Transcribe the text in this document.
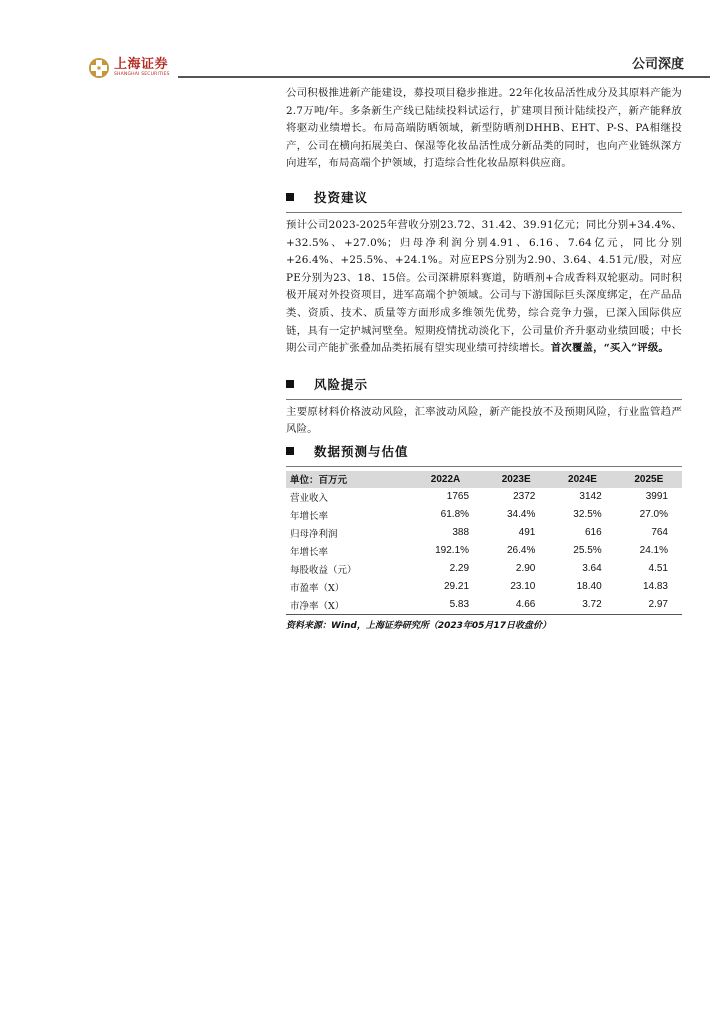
上海证券
SHANGHAI SECURITIES
公司深度

公司积极推进新产能建设，募投项目稳步推进。22年化妆品活性成分及其原料产能为2.7万吨/年。多条新生产线已陆续投料试运行，扩建项目预计陆续投产，新产能释放将驱动业绩增长。布局高端防晒领域，新型防晒剂DHHB、EHT、P-S、PA相继投产，公司在横向拓展美白、保湿等化妆品活性成分新品类的同时，也向产业链纵深方向进军，布局高端个护领域，打造综合性化妆品原料供应商。

投资建议

预计公司2023-2025年营收分别23.72、31.42、39.91亿元；同比分别+34.4%、+32.5%、+27.0%；归母净利润分别4.91、6.16、7.64亿元，同比分别+26.4%、+25.5%、+24.1%。对应EPS分别为2.90、3.64、4.51元/股，对应PE分别为23、18、15倍。公司深耕原料赛道，防晒剂+合成香料双轮驱动。同时积极开展对外投资项目，进军高端个护领域。公司与下游国际巨头深度绑定，在产品品类、资质、技术、质量等方面形成多维领先优势，综合竞争力强，已深入国际供应链，具有一定护城河壁垒。短期疫情扰动淡化下，公司量价齐升驱动业绩回暖；中长期公司产能扩张叠加品类拓展有望实现业绩可持续增长。首次覆盖，“买入”评级。

风险提示

主要原材料价格波动风险，汇率波动风险，新产能投放不及预期风险，行业监管趋严风险。

数据预测与估值
单位：百万元	2022A	2023E	2024E	2025E
营业收入	1765	2372	3142	3991
年增长率	61.8%	34.4%	32.5%	27.0%
归母净利润	388	491	616	764
年增长率	192.1%	26.4%	25.5%	24.1%
每股收益（元）	2.29	2.90	3.64	4.51
市盈率（X）	29.21	23.10	18.40	14.83
市净率（X）	5.83	4.66	3.72	2.97
资料来源：Wind，上海证券研究所（2023年05月17日收盘价）
